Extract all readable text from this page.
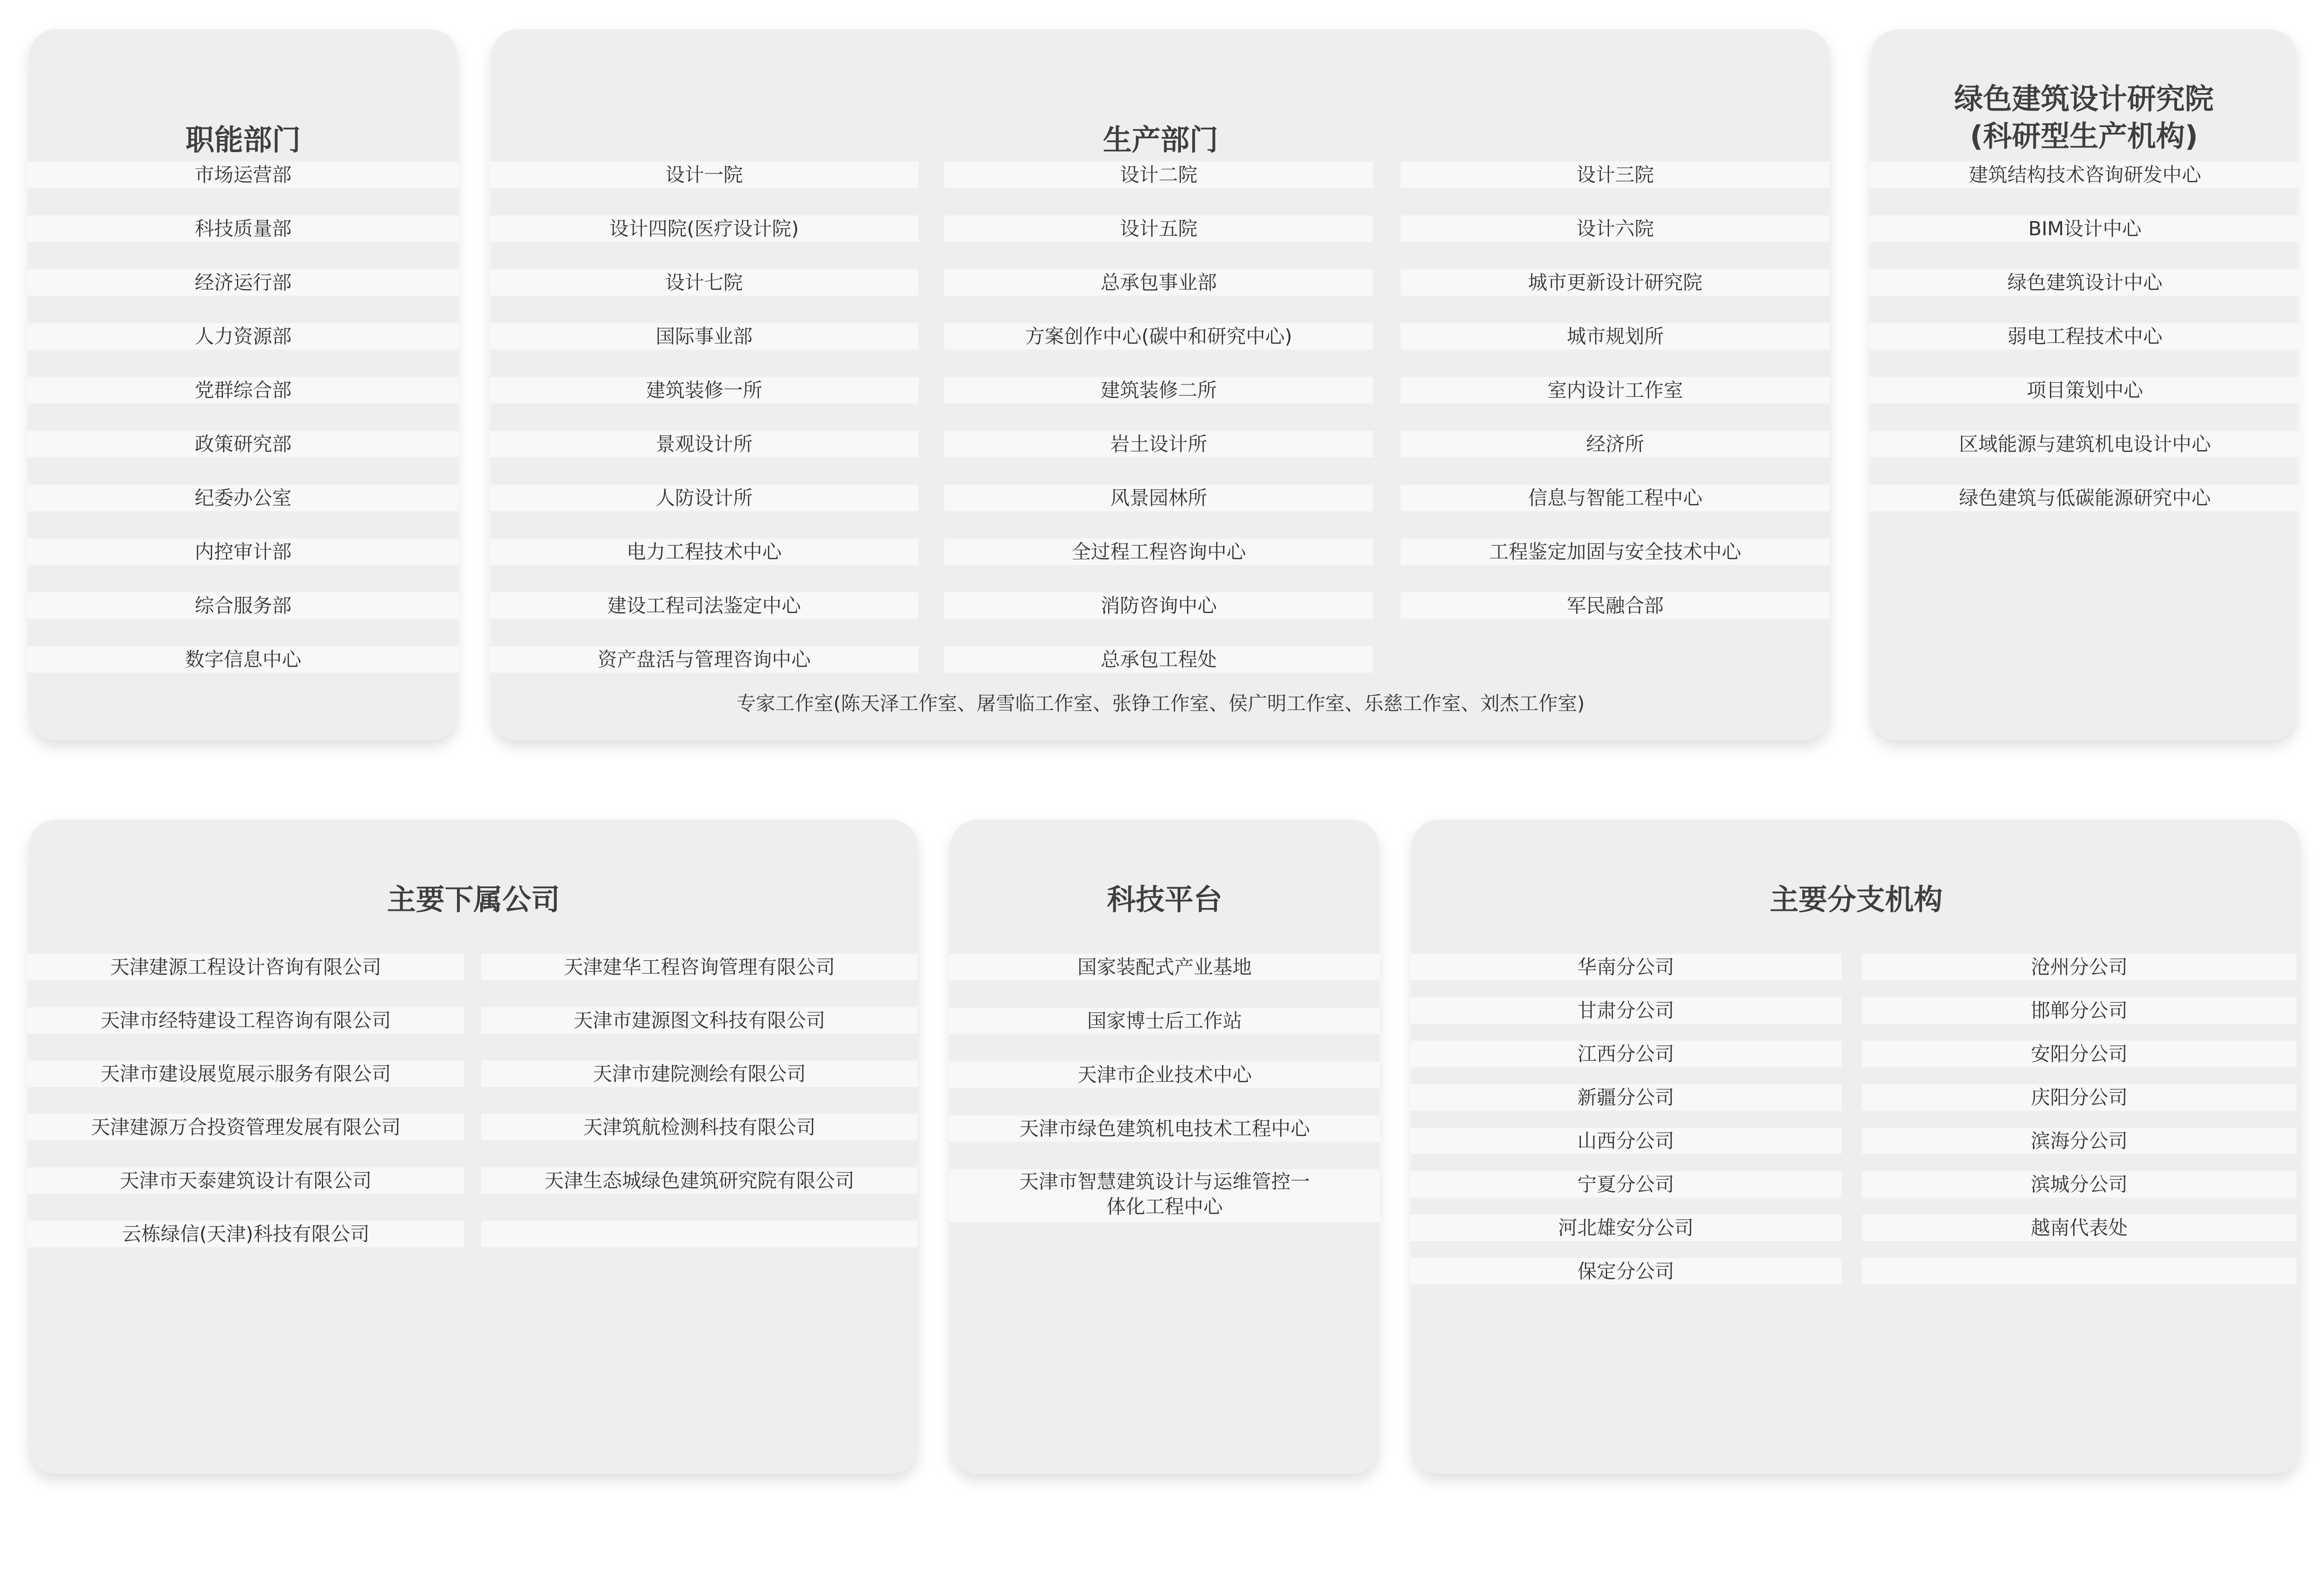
职能部门
市场运营部
科技质量部
经济运行部
人力资源部
党群综合部
政策研究部
纪委办公室
内控审计部
综合服务部
数字信息中心
生产部门
设计一院
设计四院(医疗设计院)
设计七院
国际事业部
建筑装修一所
景观设计所
人防设计所
电力工程技术中心
建设工程司法鉴定中心
资产盘活与管理咨询中心
设计二院
设计五院
总承包事业部
方案创作中心(碳中和研究中心)
建筑装修二所
岩土设计所
风景园林所
全过程工程咨询中心
消防咨询中心
总承包工程处
设计三院
设计六院
城市更新设计研究院
城市规划所
室内设计工作室
经济所
信息与智能工程中心
工程鉴定加固与安全技术中心
军民融合部
专家工作室(陈天泽工作室、屠雪临工作室、张铮工作室、侯广明工作室、乐慈工作室、刘杰工作室)
绿色建筑设计研究院
(科研型生产机构)
建筑结构技术咨询研发中心
BIM设计中心
绿色建筑设计中心
弱电工程技术中心
项目策划中心
区域能源与建筑机电设计中心
绿色建筑与低碳能源研究中心
主要下属公司
天津建源工程设计咨询有限公司
天津市经特建设工程咨询有限公司
天津市建设展览展示服务有限公司
天津建源万合投资管理发展有限公司
天津市天泰建筑设计有限公司
云栋绿信(天津)科技有限公司
天津建华工程咨询管理有限公司
天津市建源图文科技有限公司
天津市建院测绘有限公司
天津筑航检测科技有限公司
天津生态城绿色建筑研究院有限公司
科技平台
国家装配式产业基地
国家博士后工作站
天津市企业技术中心
天津市绿色建筑机电技术工程中心
天津市智慧建筑设计与运维管控一
体化工程中心
主要分支机构
华南分公司
甘肃分公司
江西分公司
新疆分公司
山西分公司
宁夏分公司
河北雄安分公司
保定分公司
沧州分公司
邯郸分公司
安阳分公司
庆阳分公司
滨海分公司
滨城分公司
越南代表处
